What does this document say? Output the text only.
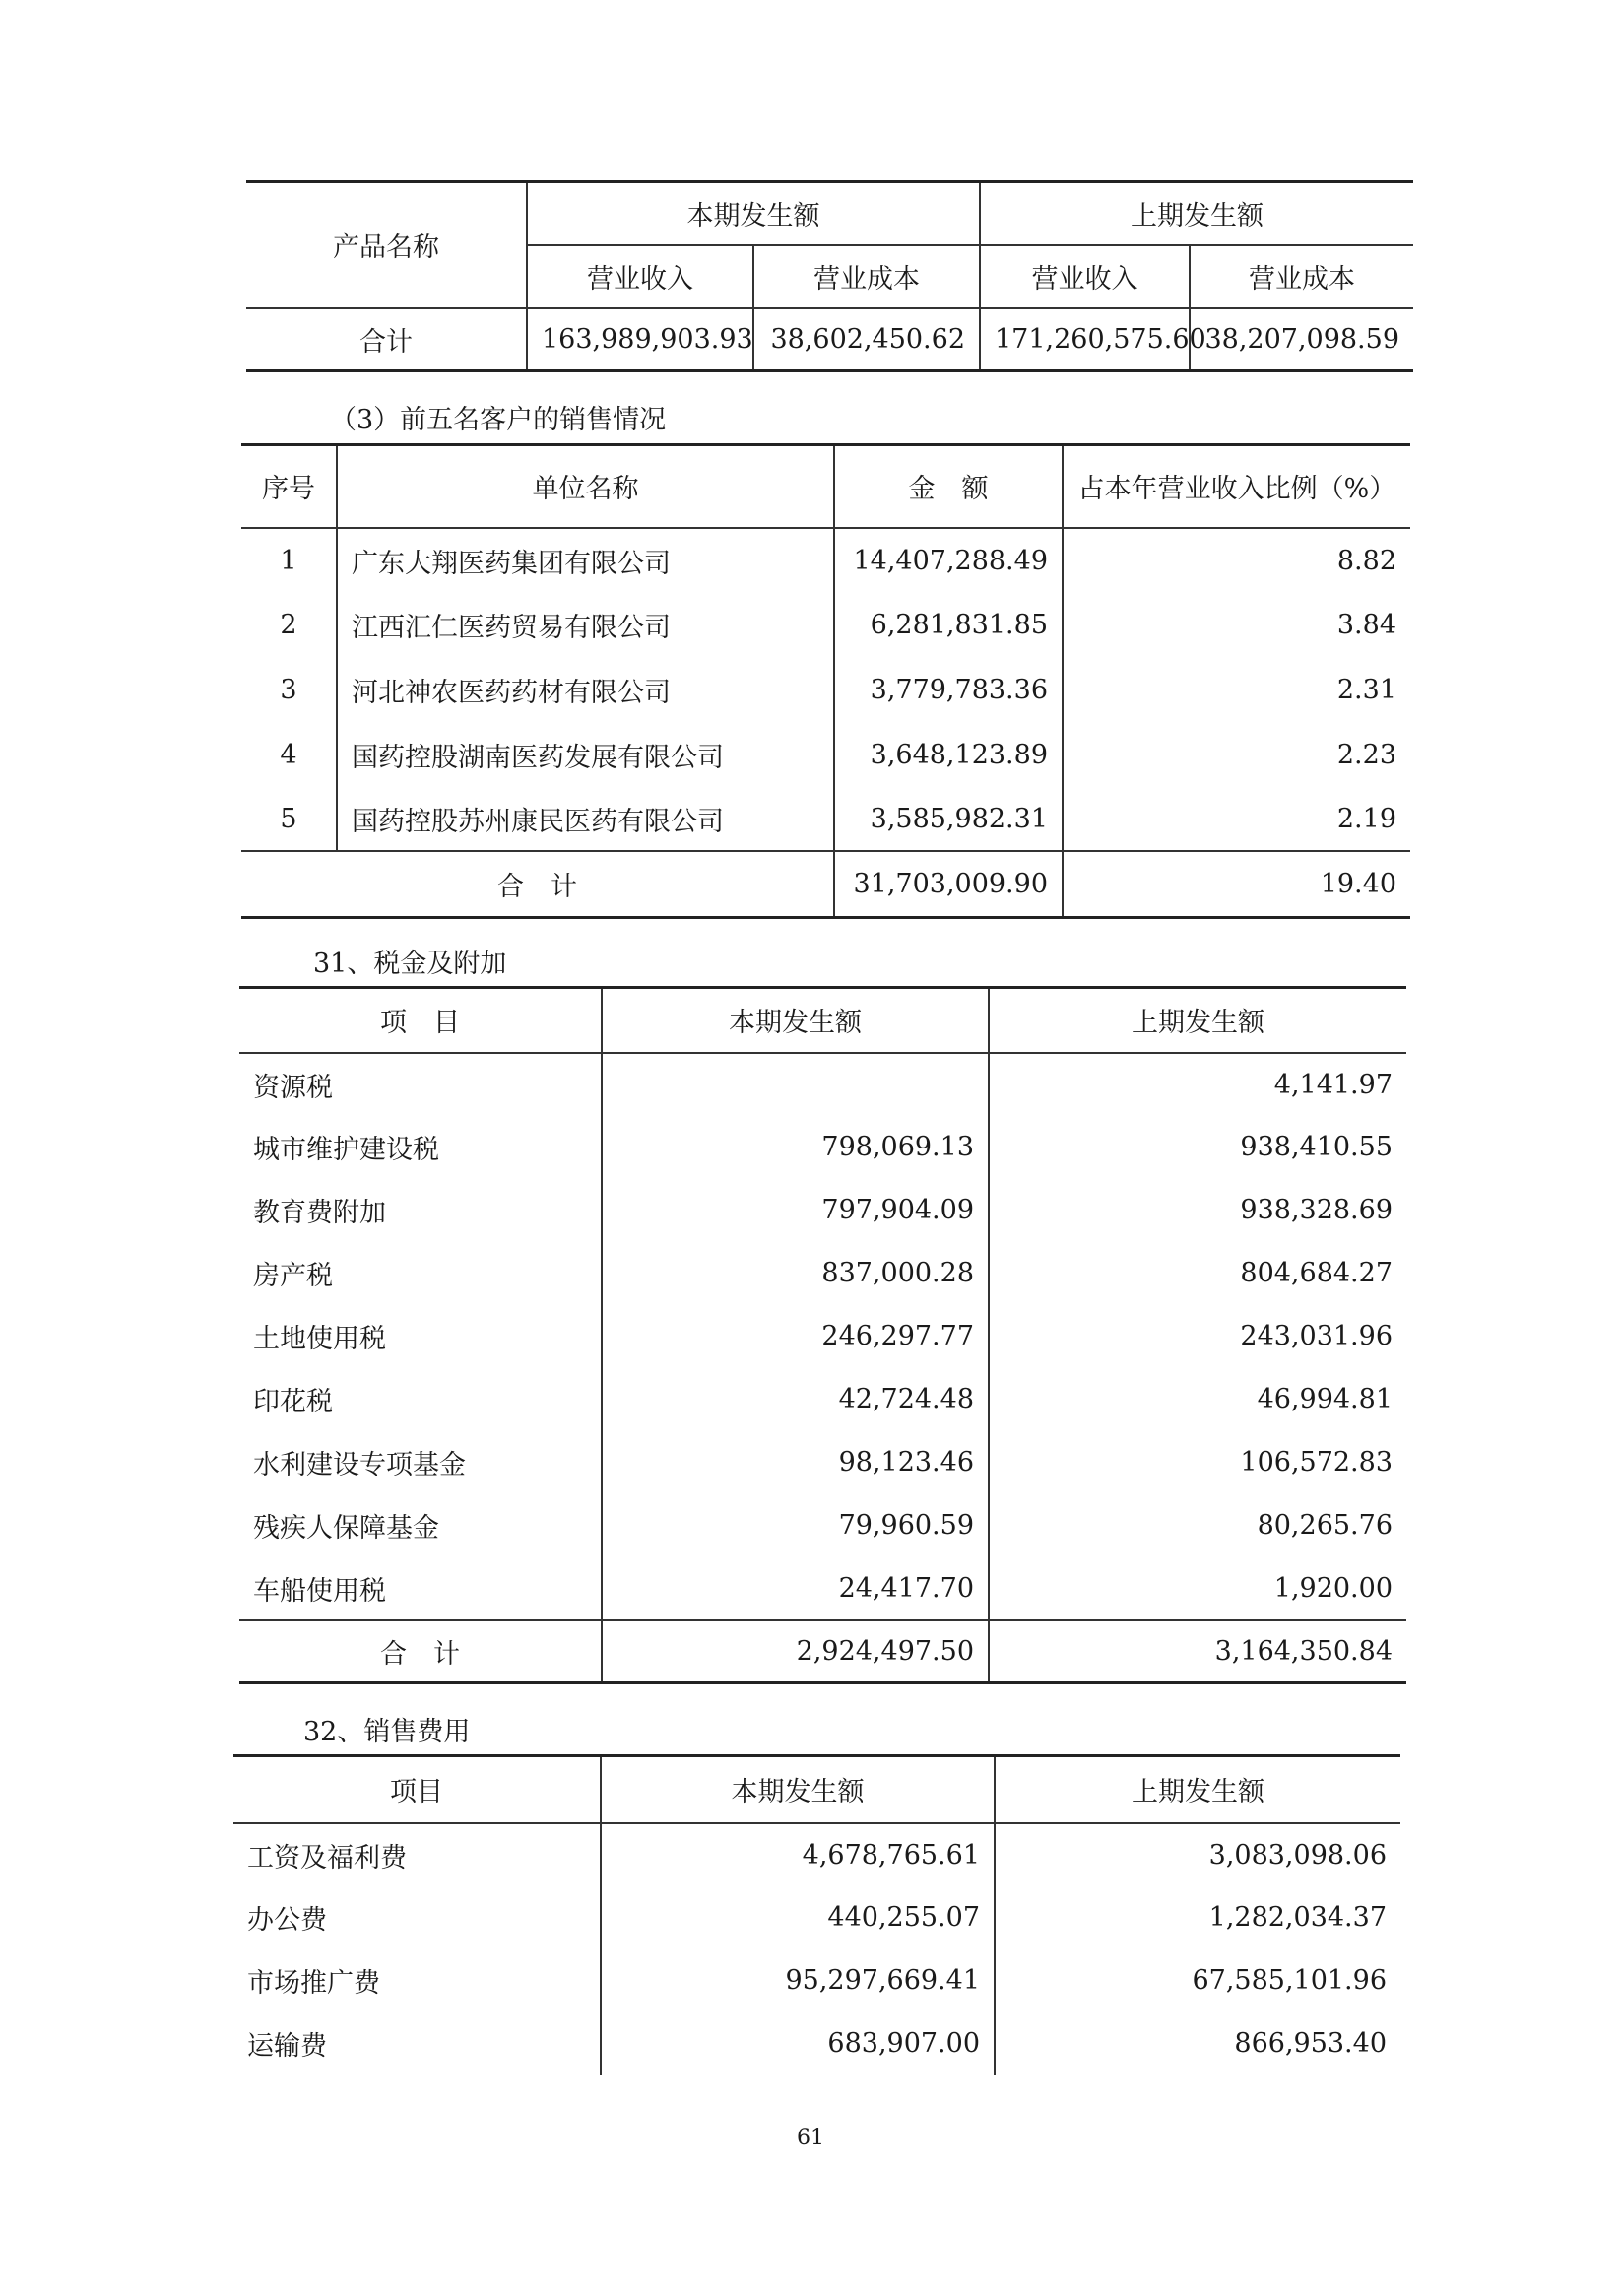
产品名称	本期发生额		上期发生额	
	营业收入	营业成本	营业收入	营业成本
合计	163,989,903.93	38,602,450.62	171,260,575.60	38,207,098.59
（3）前五名客户的销售情况
序号	单位名称	金　额	占本年营业收入比例（%）
1	广东大翔医药集团有限公司	14,407,288.49	8.82
2	江西汇仁医药贸易有限公司	6,281,831.85	3.84
3	河北神农医药药材有限公司	3,779,783.36	2.31
4	国药控股湖南医药发展有限公司	3,648,123.89	2.23
5	国药控股苏州康民医药有限公司	3,585,982.31	2.19
合　计		31,703,009.90	19.40
31、税金及附加
项　目	本期发生额	上期发生额
资源税		4,141.97
城市维护建设税	798,069.13	938,410.55
教育费附加	797,904.09	938,328.69
房产税	837,000.28	804,684.27
土地使用税	246,297.77	243,031.96
印花税	42,724.48	46,994.81
水利建设专项基金	98,123.46	106,572.83
残疾人保障基金	79,960.59	80,265.76
车船使用税	24,417.70	1,920.00
合　计	2,924,497.50	3,164,350.84
32、销售费用
项目	本期发生额	上期发生额
工资及福利费	4,678,765.61	3,083,098.06
办公费	440,255.07	1,282,034.37
市场推广费	95,297,669.41	67,585,101.96
运输费	683,907.00	866,953.40
61
